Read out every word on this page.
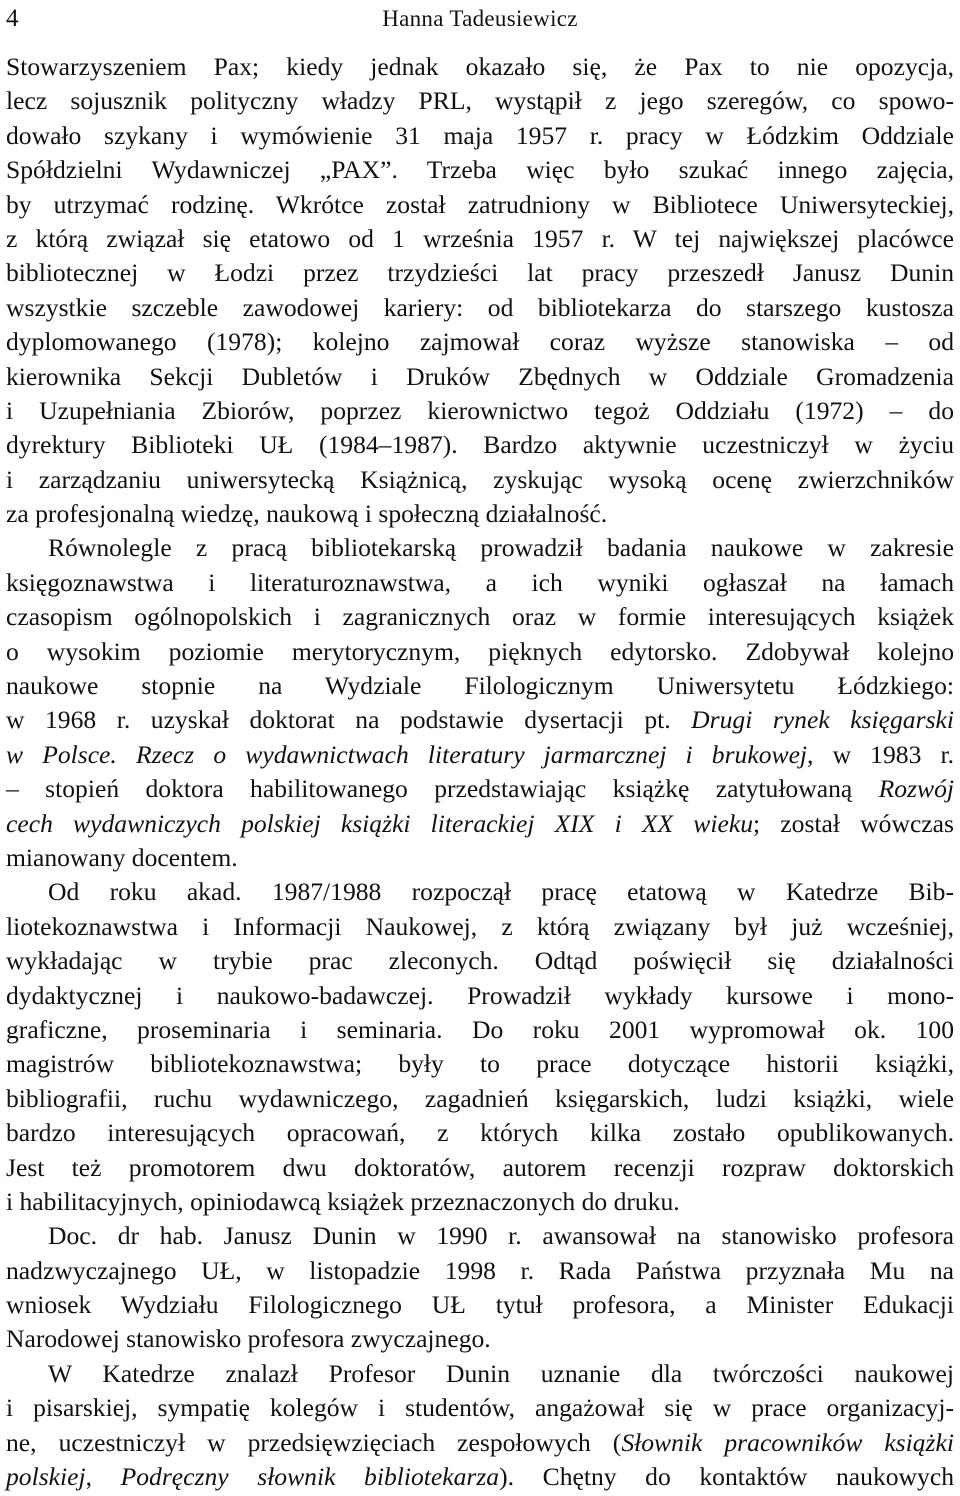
4	Hanna Tadeusiewicz
Stowarzyszeniem Pax; kiedy jednak okazało się, że Pax to nie opozycja,
lecz sojusznik polityczny władzy PRL, wystąpił z jego szeregów, co spowo-
dowało szykany i wymówienie 31 maja 1957 r. pracy w Łódzkim Oddziale
Spółdzielni Wydawniczej „PAX”. Trzeba więc było szukać innego zajęcia,
by utrzymać rodzinę. Wkrótce został zatrudniony w Bibliotece Uniwersyteckiej,
z którą związał się etatowo od 1 września 1957 r. W tej największej placówce
bibliotecznej w Łodzi przez trzydzieści lat pracy przeszedł Janusz Dunin
wszystkie szczeble zawodowej kariery: od bibliotekarza do starszego kustosza
dyplomowanego (1978); kolejno zajmował coraz wyższe stanowiska – od
kierownika Sekcji Dubletów i Druków Zbędnych w Oddziale Gromadzenia
i Uzupełniania Zbiorów, poprzez kierownictwo tegoż Oddziału (1972) – do
dyrektury Biblioteki UŁ (1984–1987). Bardzo aktywnie uczestniczył w życiu
i zarządzaniu uniwersytecką Książnicą, zyskując wysoką ocenę zwierzchników
za profesjonalną wiedzę, naukową i społeczną działalność.
Równolegle z pracą bibliotekarską prowadził badania naukowe w zakresie
księgoznawstwa i literaturoznawstwa, a ich wyniki ogłaszał na łamach
czasopism ogólnopolskich i zagranicznych oraz w formie interesujących książek
o wysokim poziomie merytorycznym, pięknych edytorsko. Zdobywał kolejno
naukowe stopnie na Wydziale Filologicznym Uniwersytetu Łódzkiego:
w 1968 r. uzyskał doktorat na podstawie dysertacji pt. Drugi rynek księgarski
w Polsce. Rzecz o wydawnictwach literatury jarmarcznej i brukowej, w 1983 r.
– stopień doktora habilitowanego przedstawiając książkę zatytułowaną Rozwój
cech wydawniczych polskiej książki literackiej XIX i XX wieku; został wówczas
mianowany docentem.
Od roku akad. 1987/1988 rozpoczął pracę etatową w Katedrze Bib-
liotekoznawstwa i Informacji Naukowej, z którą związany był już wcześniej,
wykładając w trybie prac zleconych. Odtąd poświęcił się działalności
dydaktycznej i naukowo-badawczej. Prowadził wykłady kursowe i mono-
graficzne, proseminaria i seminaria. Do roku 2001 wypromował ok. 100
magistrów bibliotekoznawstwa; były to prace dotyczące historii książki,
bibliografii, ruchu wydawniczego, zagadnień księgarskich, ludzi książki, wiele
bardzo interesujących opracowań, z których kilka zostało opublikowanych.
Jest też promotorem dwu doktoratów, autorem recenzji rozpraw doktorskich
i habilitacyjnych, opiniodawcą książek przeznaczonych do druku.
Doc. dr hab. Janusz Dunin w 1990 r. awansował na stanowisko profesora
nadzwyczajnego UŁ, w listopadzie 1998 r. Rada Państwa przyznała Mu na
wniosek Wydziału Filologicznego UŁ tytuł profesora, a Minister Edukacji
Narodowej stanowisko profesora zwyczajnego.
W Katedrze znalazł Profesor Dunin uznanie dla twórczości naukowej
i pisarskiej, sympatię kolegów i studentów, angażował się w prace organizacyj-
ne, uczestniczył w przedsięwzięciach zespołowych (Słownik pracowników książki
polskiej, Podręczny słownik bibliotekarza). Chętny do kontaktów naukowych
